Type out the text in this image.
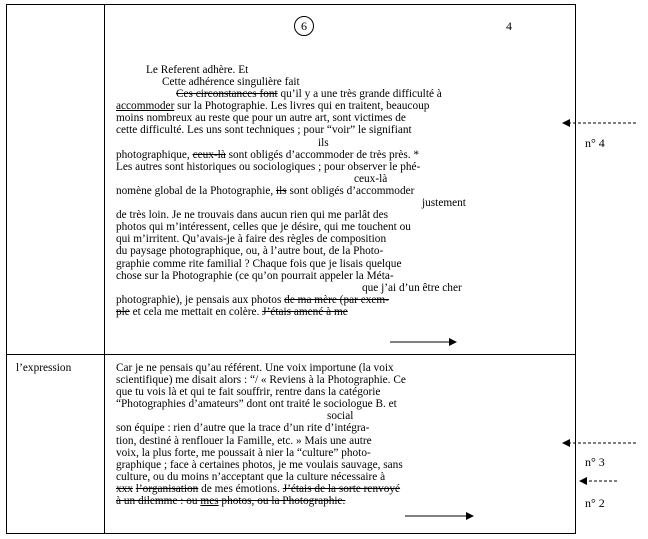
6	4
Le Referent adhère. Et
Cette adhérence singulière fait
Ces circonstances font qu’il y a une très grande difficulté à
accommoder sur la Photographie. Les livres qui en traitent, beaucoup
moins nombreux au reste que pour un autre art, sont victimes de
cette difficulté. Les uns sont techniques ; pour “voir” le signifiant
ils
photographique, ceux-là sont obligés d’accommoder de très près. *
Les autres sont historiques ou sociologiques ; pour observer le phé-
ceux-là
nomène global de la Photographie, ils sont obligés d’accommoder
justement
de très loin. Je ne trouvais dans aucun rien qui me parlât des
photos qui m’intéressent, celles que je désire, qui me touchent ou
qui m’irritent. Qu’avais-je à faire des règles de composition
du paysage photographique, ou, à l’autre bout, de la Photo-
graphie comme rite familial ? Chaque fois que je lisais quelque
chose sur la Photographie (ce qu’on pourrait appeler la Méta-
que j’ai d’un être cher
photographie), je pensais aux photos de ma mère (par exem-
ple et cela me mettait en colère. J’étais amené à me
l’expression	Car je ne pensais qu’au référent. Une voix importune (la voix
scientifique) me disait alors : “/ « Reviens à la Photographie. Ce
que tu vois là et qui te fait souffrir, rentre dans la catégorie
“Photographies d’amateurs” dont ont traité le sociologue B. et
social
son équipe : rien d’autre que la trace d’un rite d’intégra-
tion, destiné à renflouer la Famille, etc. » Mais une autre
voix, la plus forte, me poussait à nier la “culture” photo-
graphique ; face à certaines photos, je me voulais sauvage, sans
culture, ou du moins n’acceptant que la culture nécessaire à
xxx l’organisation de mes émotions. J’étais de la sorte renvoyé
à un dilemme : ou mes photos, ou la Photographie.
n° 4
n° 3
n° 2
